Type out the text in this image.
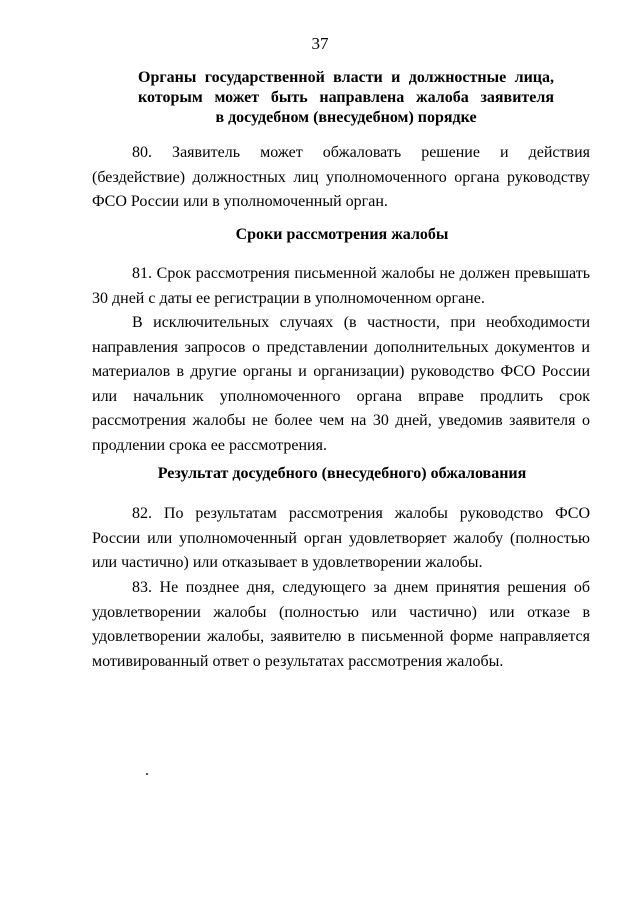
37
Органы государственной власти и должностные лица,
которым может быть направлена жалоба заявителя
в досудебном (внесудебном) порядке

80. Заявитель может обжаловать решение и действия (бездействие) должностных лиц уполномоченного органа руководству ФСО России или в уполномоченный орган.

Сроки рассмотрения жалобы

81. Срок рассмотрения письменной жалобы не должен превышать 30 дней с даты ее регистрации в уполномоченном органе.

В исключительных случаях (в частности, при необходимости направления запросов о представлении дополнительных документов и материалов в другие органы и организации) руководство ФСО России или начальник уполномоченного органа вправе продлить срок рассмотрения жалобы не более чем на 30 дней, уведомив заявителя о продлении срока ее рассмотрения.

Результат досудебного (внесудебного) обжалования

82. По результатам рассмотрения жалобы руководство ФСО России или уполномоченный орган удовлетворяет жалобу (полностью или частично) или отказывает в удовлетворении жалобы.

83. Не позднее дня, следующего за днем принятия решения об удовлетворении жалобы (полностью или частично) или отказе в удовлетворении жалобы, заявителю в письменной форме направляется мотивированный ответ о результатах рассмотрения жалобы.
